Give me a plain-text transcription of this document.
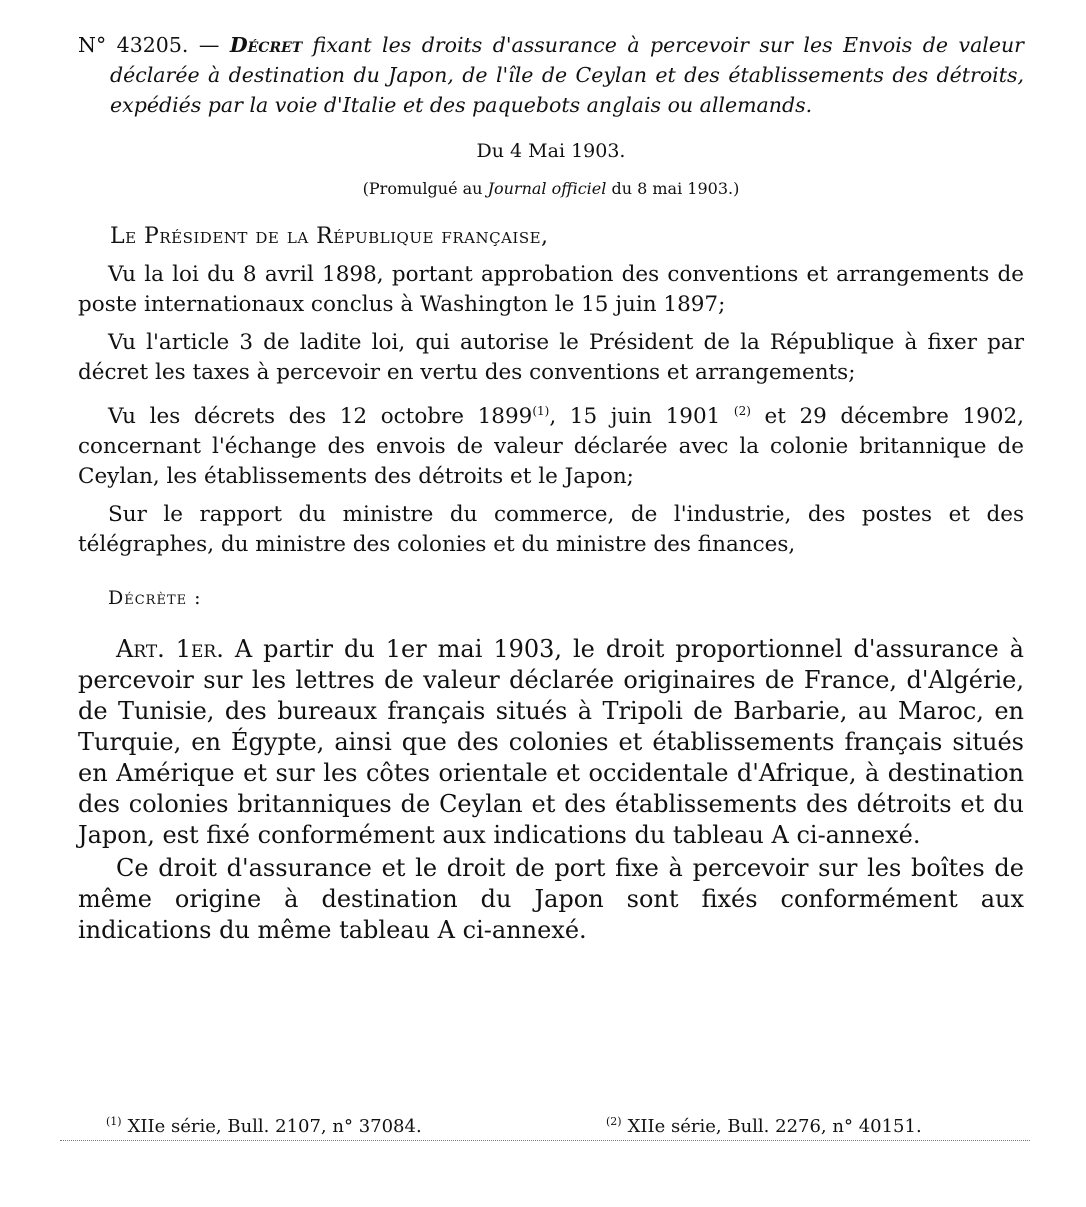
N° 43205. — Décret fixant les droits d'assurance à percevoir sur les Envois de valeur déclarée à destination du Japon, de l'île de Ceylan et des établissements des détroits, expédiés par la voie d'Italie et des paquebots anglais ou allemands.

Du 4 Mai 1903.

(Promulgué au Journal officiel du 8 mai 1903.)

Le Président de la République française,

Vu la loi du 8 avril 1898, portant approbation des conventions et arrangements de poste internationaux conclus à Washington le 15 juin 1897;

Vu l'article 3 de ladite loi, qui autorise le Président de la République à fixer par décret les taxes à percevoir en vertu des conventions et arrangements;

Vu les décrets des 12 octobre 1899$^{(1)}$, 15 juin 1901 $^{(2)}$ et 29 décembre 1902, concernant l'échange des envois de valeur déclarée avec la colonie britannique de Ceylan, les établissements des détroits et le Japon;

Sur le rapport du ministre du commerce, de l'industrie, des postes et des télégraphes, du ministre des colonies et du ministre des finances,

Décrète :

Art. 1er. A partir du 1er mai 1903, le droit proportionnel d'assurance à percevoir sur les lettres de valeur déclarée originaires de France, d'Algérie, de Tunisie, des bureaux français situés à Tripoli de Barbarie, au Maroc, en Turquie, en Égypte, ainsi que des colonies et établissements français situés en Amérique et sur les côtes orientale et occidentale d'Afrique, à destination des colonies britanniques de Ceylan et des établissements des détroits et du Japon, est fixé conformément aux indications du tableau A ci-annexé.

Ce droit d'assurance et le droit de port fixe à percevoir sur les boîtes de même origine à destination du Japon sont fixés conformément aux indications du même tableau A ci-annexé.

$^{(1)}$ XIIe série, Bull. 2107, n° 37084.	$^{(2)}$ XIIe série, Bull. 2276, n° 40151.
